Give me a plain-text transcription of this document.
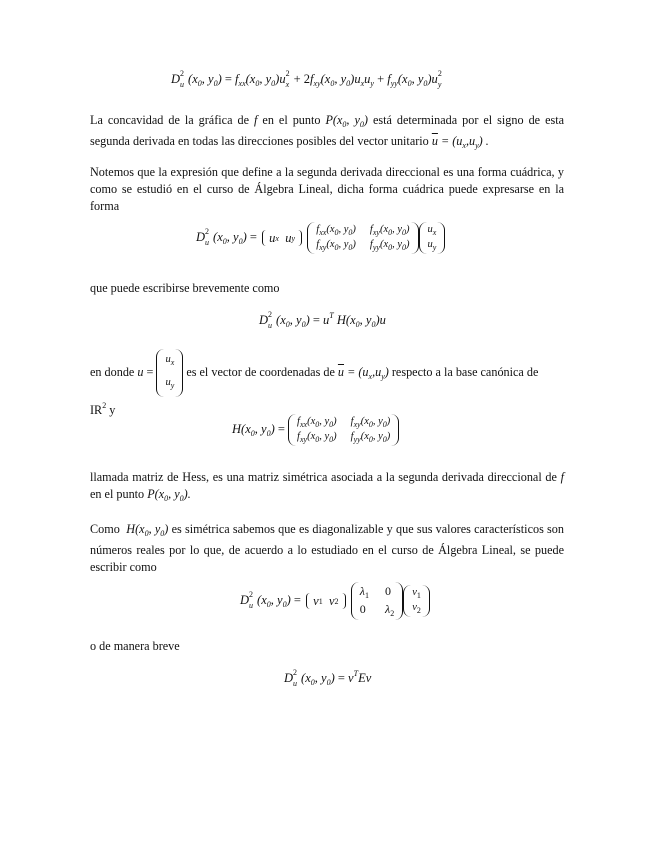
D 2
u ($x_0$, $y_0) = f_{xx}(x_0$, $y_0)u$ 2
$x + 2f_{xy}(x_0$, $y_0)u_xu_y + f_{yy}(x_0$, $y_0)u$ 2
y
La concavidad de la gráfica de f en el punto $P(x_0$, $y_0$) está determinada por el signo de esta segunda derivada en todas las direcciones posibles del vector unitario $\overline{u} = (u_x,u_y)$ .
Notemos que la expresión que define a la segunda derivada direccional es una forma cuádrica, y como se estudió en el curso de Álgebra Lineal, dicha forma cuádrica puede expresarse en la forma
D 2
u ($x_0$, $y_0$) =
u x u y

$f_{xx}(x_0$, $y_0$) $f_{xy}(x_0$, $y_0$)
$f_{xy}(x_0$, $y_0$) $f_{yy}(x_0$, $y_0$)
$u_x$
$u_y$
que puede escribirse brevemente como
D 2
u ($x_0$, $y_0) = u^T$ $H(x_0$, $y_0)u$
en donde u =
$u_x$
$u_y$
es el vector de coordenadas de $\overline{u} = (u_x,u_y)$ respecto a la base canónica de
$IR^2$ y
$H(x_0$, $y_0$) =
$f_{xx}(x_0$, $y_0$) $f_{xy}(x_0$, $y_0$)
$f_{xy}(x_0$, $y_0$) $f_{yy}(x_0$, $y_0$)
llamada matriz de Hess, es una matriz simétrica asociada a la segunda derivada direccional de f en el punto $P(x_0$, $y_0$).
Como $H(x_0$, $y_0$) es simétrica sabemos que es diagonalizable y que sus valores característicos son números reales por lo que, de acuerdo a lo estudiado en el curso de Álgebra Lineal, se puede escribir como
D 2
u ($x_0$, $y_0$) =
v 1 v 2

$\lambda_1$ 0
0 $\lambda_2$
$v_1$
$v_2$
o de manera breve
D 2
u ($x_0$, $y_0) = v^TEv$
